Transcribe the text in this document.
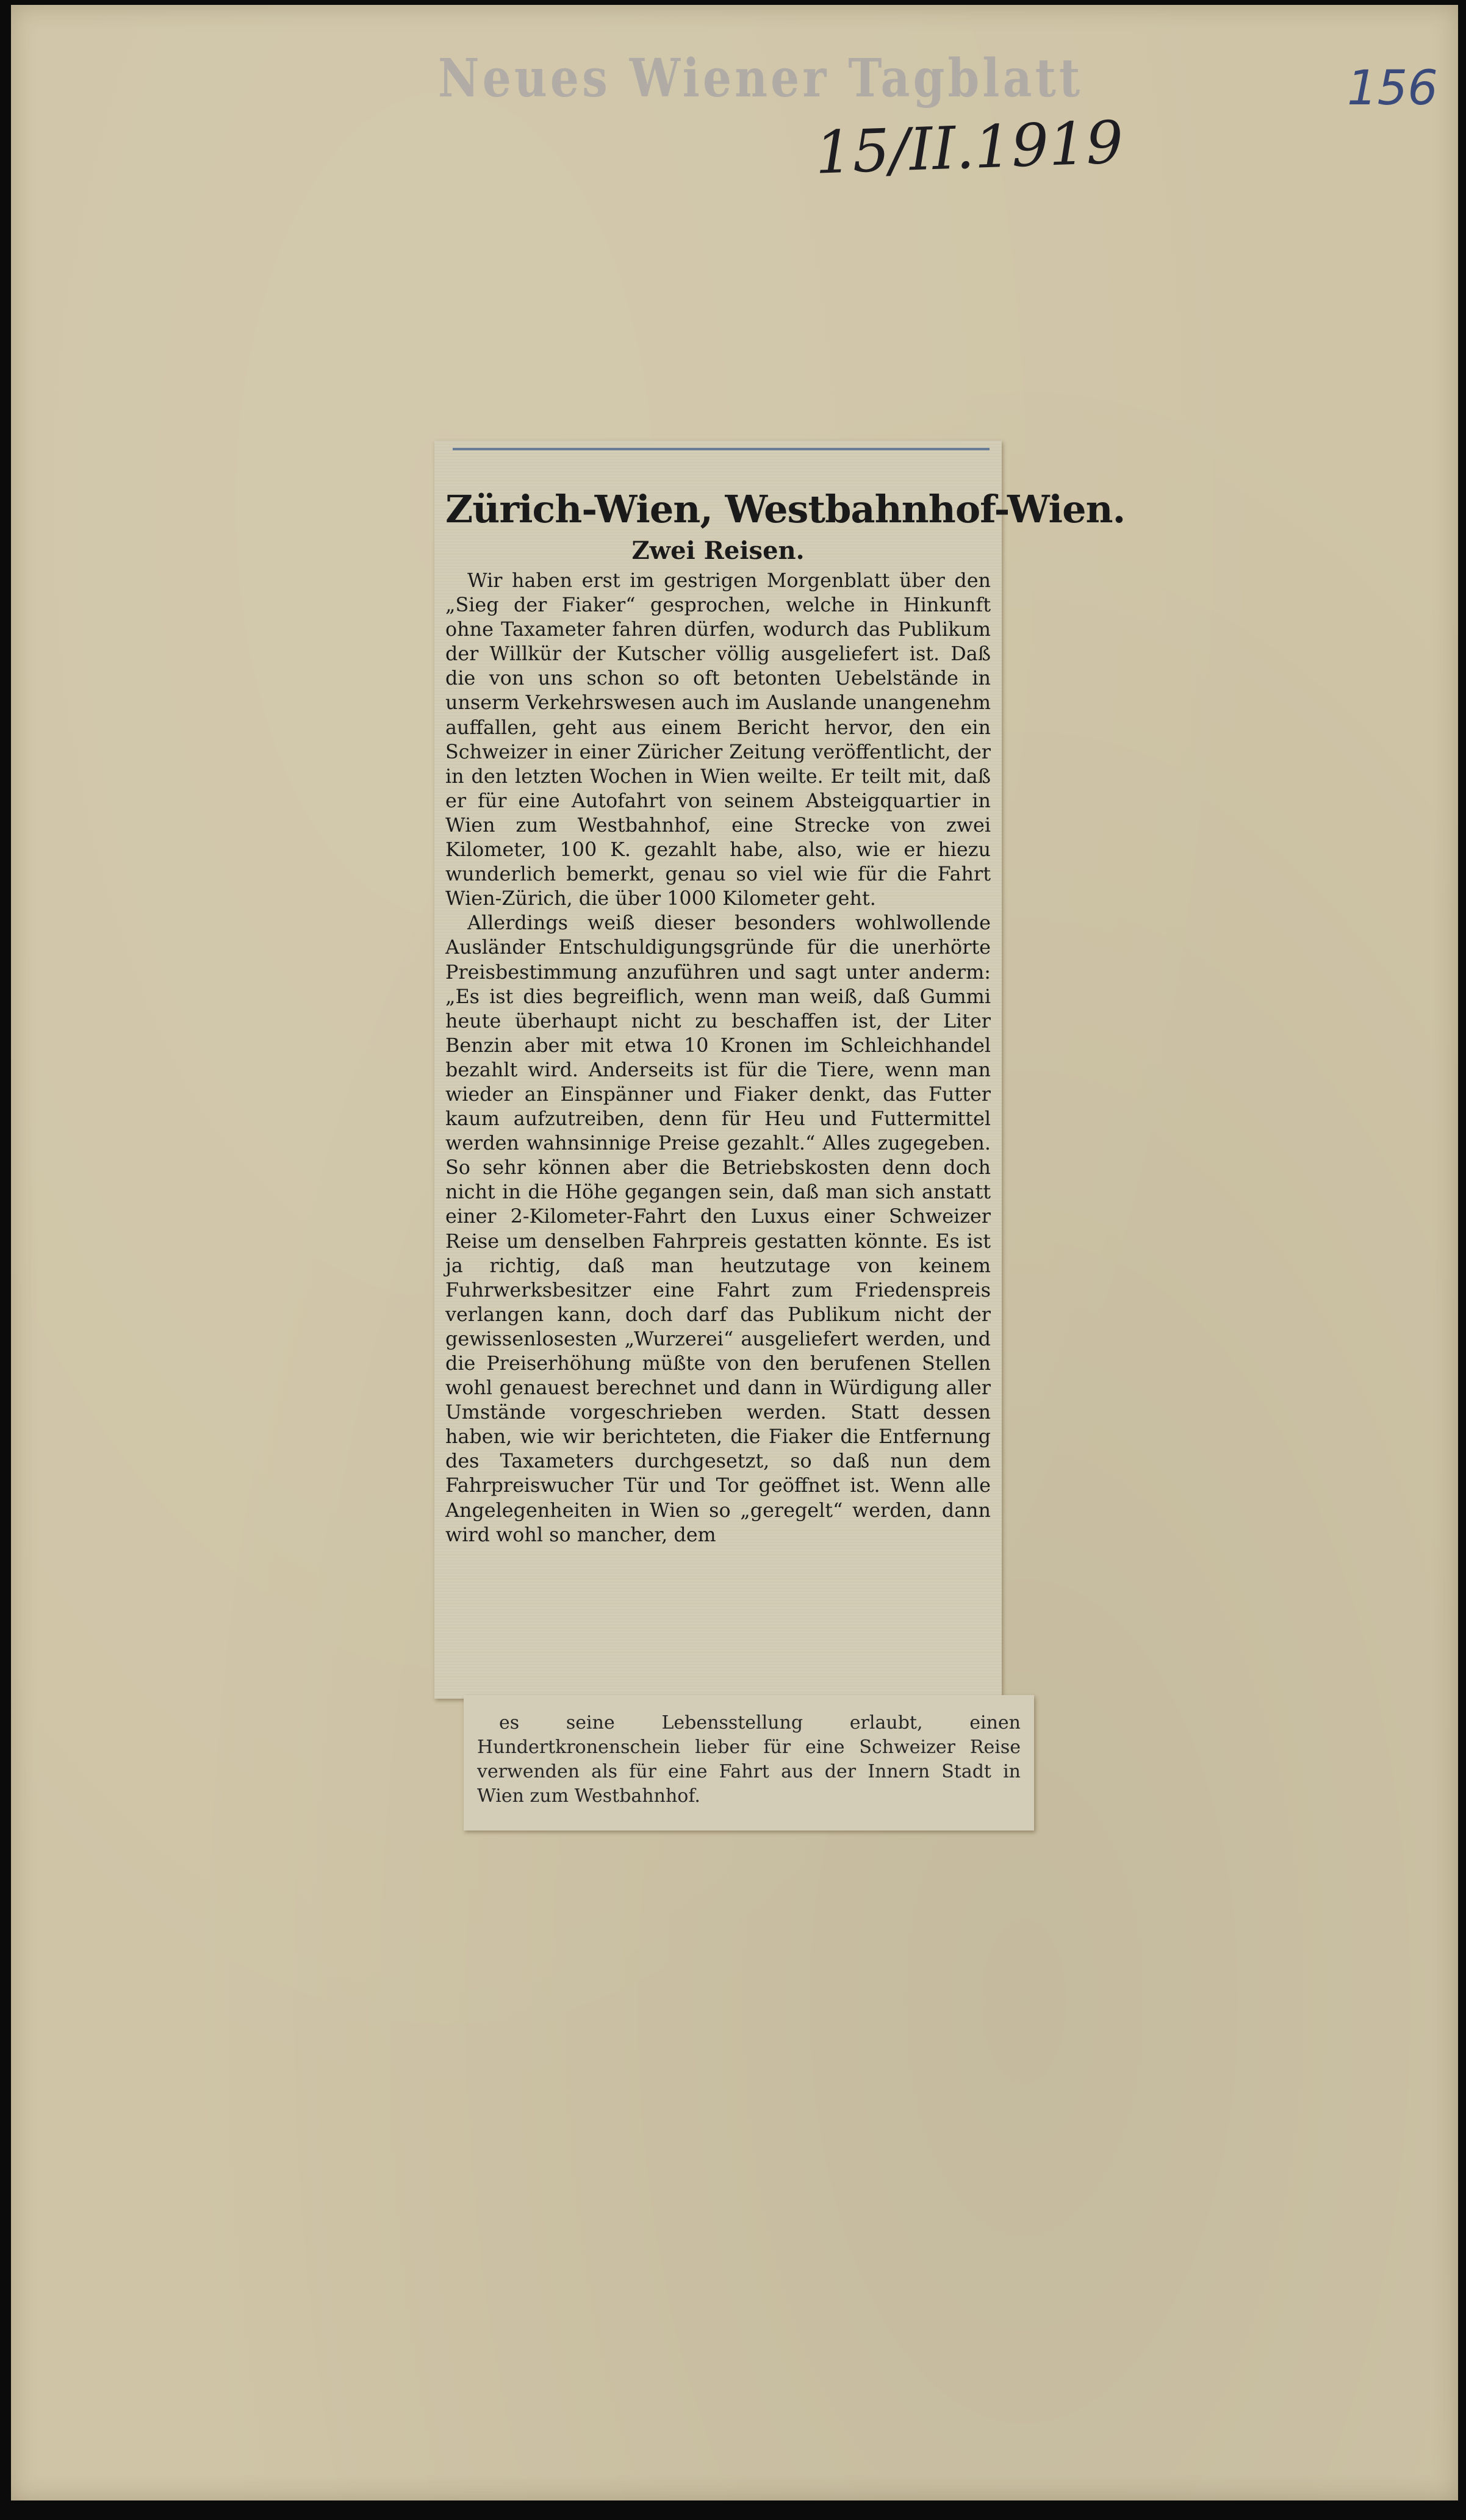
Neues Wiener Tagblatt
15/II.1919
156
Zürich-Wien, Westbahnhof-Wien.
Zwei Reisen.

Wir haben erst im gestrigen Morgenblatt über den „Sieg der Fiaker“ gesprochen, welche in Hinkunft ohne Taxameter fahren dürfen, wodurch das Publikum der Willkür der Kutscher völlig ausgeliefert ist. Daß die von uns schon so oft betonten Uebelstände in unserm Verkehrswesen auch im Auslande unangenehm auffallen, geht aus einem Bericht hervor, den ein Schweizer in einer Züricher Zeitung veröffentlicht, der in den letzten Wochen in Wien weilte. Er teilt mit, daß er für eine Autofahrt von seinem Absteigquartier in Wien zum Westbahnhof, eine Strecke von zwei Kilometer, 100 K. gezahlt habe, also, wie er hiezu wunderlich bemerkt, genau so viel wie für die Fahrt Wien-Zürich, die über 1000 Kilometer geht.

Allerdings weiß dieser besonders wohlwollende Ausländer Entschuldigungsgründe für die unerhörte Preisbestimmung anzuführen und sagt unter anderm: „Es ist dies begreiflich, wenn man weiß, daß Gummi heute überhaupt nicht zu beschaffen ist, der Liter Benzin aber mit etwa 10 Kronen im Schleichhandel bezahlt wird. Anderseits ist für die Tiere, wenn man wieder an Einspänner und Fiaker denkt, das Futter kaum aufzutreiben, denn für Heu und Futtermittel werden wahnsinnige Preise gezahlt.“ Alles zugegeben. So sehr können aber die Betriebskosten denn doch nicht in die Höhe gegangen sein, daß man sich anstatt einer 2-Kilometer-Fahrt den Luxus einer Schweizer Reise um denselben Fahrpreis gestatten könnte. Es ist ja richtig, daß man heutzutage von keinem Fuhrwerksbesitzer eine Fahrt zum Friedenspreis verlangen kann, doch darf das Publikum nicht der gewissenlosesten „Wurzerei“ ausgeliefert werden, und die Preiserhöhung müßte von den berufenen Stellen wohl genauest berechnet und dann in Würdigung aller Umstände vorgeschrieben werden. Statt dessen haben, wie wir berichteten, die Fiaker die Entfernung des Taxameters durchgesetzt, so daß nun dem Fahrpreiswucher Tür und Tor geöffnet ist. Wenn alle Angelegenheiten in Wien so „geregelt“ werden, dann wird wohl so mancher, dem

es seine Lebensstellung erlaubt, einen Hundertkronenschein lieber für eine Schweizer Reise verwenden als für eine Fahrt aus der Innern Stadt in Wien zum Westbahnhof.
